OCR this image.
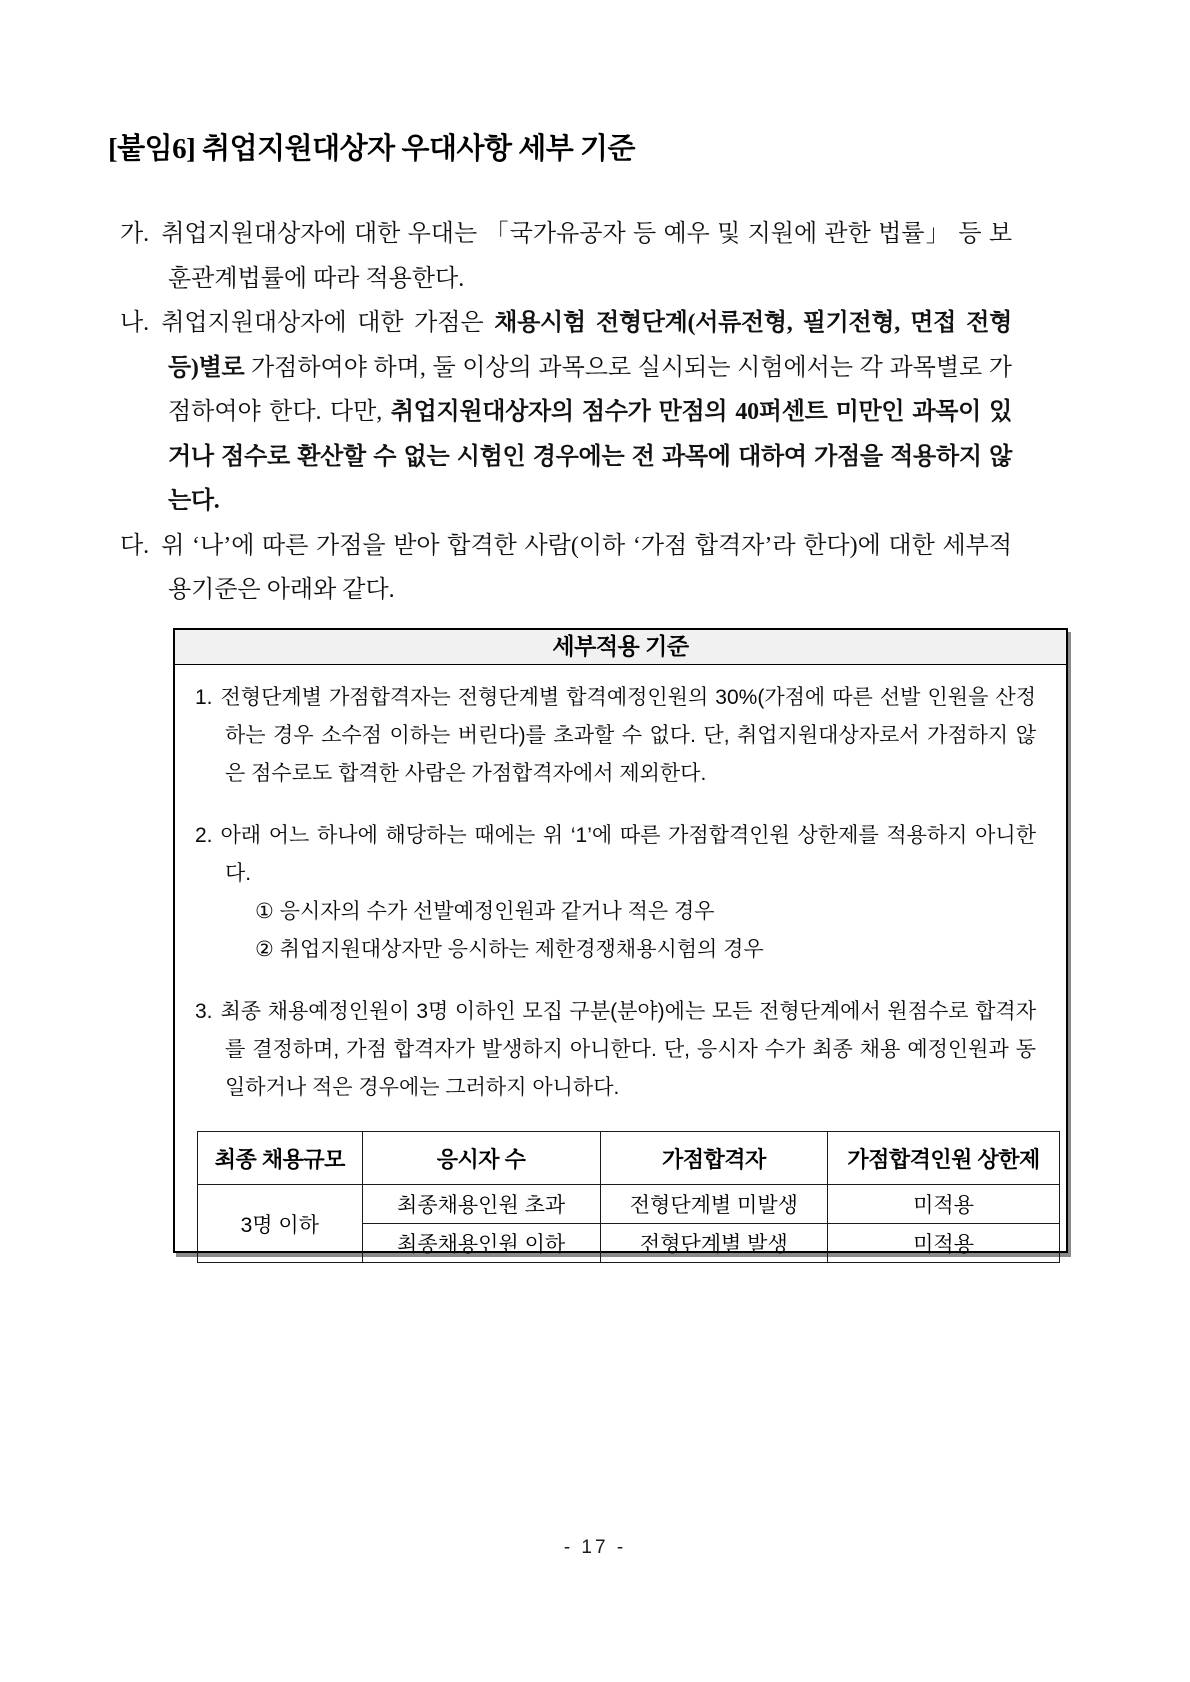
[붙임6] 취업지원대상자 우대사항 세부 기준

가. 취업지원대상자에 대한 우대는 「국가유공자 등 예우 및 지원에 관한 법률」 등 보훈관계법률에 따라 적용한다.

나. 취업지원대상자에 대한 가점은 채용시험 전형단계(서류전형, 필기전형, 면접 전형 등)별로 가점하여야 하며, 둘 이상의 과목으로 실시되는 시험에서는 각 과목별로 가점하여야 한다. 다만, 취업지원대상자의 점수가 만점의 40퍼센트 미만인 과목이 있거나 점수로 환산할 수 없는 시험인 경우에는 전 과목에 대하여 가점을 적용하지 않는다.

다. 위 ‘나’에 따른 가점을 받아 합격한 사람(이하 ‘가점 합격자’라 한다)에 대한 세부적용기준은 아래와 같다.

세부적용 기준
1. 전형단계별 가점합격자는 전형단계별 합격예정인원의 30%(가점에 따른 선발 인원을 산정하는 경우 소수점 이하는 버린다)를 초과할 수 없다. 단, 취업지원대상자로서 가점하지 않은 점수로도 합격한 사람은 가점합격자에서 제외한다.
2. 아래 어느 하나에 해당하는 때에는 위 ‘1’에 따른 가점합격인원 상한제를 적용하지 아니한다.
① 응시자의 수가 선발예정인원과 같거나 적은 경우
② 취업지원대상자만 응시하는 제한경쟁채용시험의 경우
3. 최종 채용예정인원이 3명 이하인 모집 구분(분야)에는 모든 전형단계에서 원점수로 합격자를 결정하며, 가점 합격자가 발생하지 아니한다. 단, 응시자 수가 최종 채용 예정인원과 동일하거나 적은 경우에는 그러하지 아니하다.
최종 채용규모	응시자 수	가점합격자	가점합격인원 상한제
3명 이하	최종채용인원 초과	전형단계별 미발생	미적용
	최종채용인원 이하	전형단계별 발생	미적용
- 17 -
